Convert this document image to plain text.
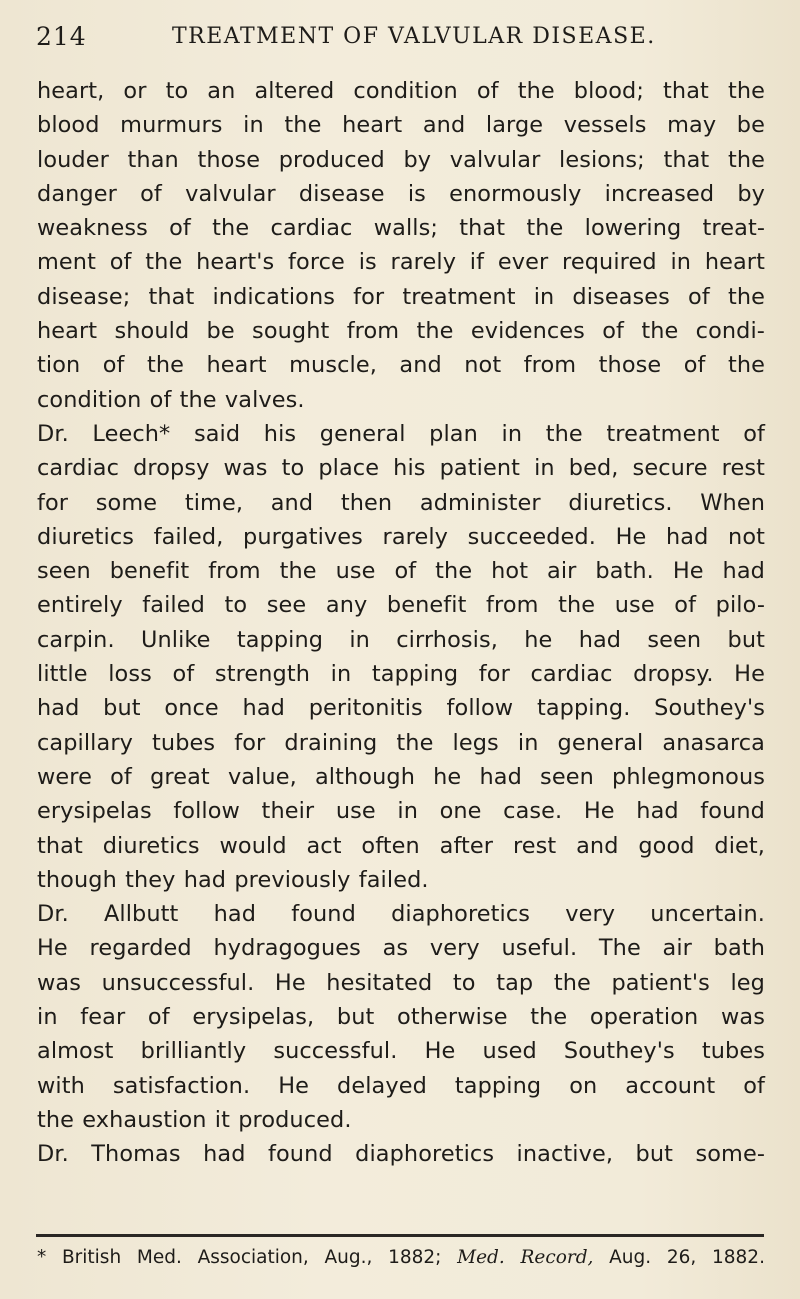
214	TREATMENT OF VALVULAR DISEASE.

heart, or to an altered condition of the blood; that the
blood murmurs in the heart and large vessels may be
louder than those produced by valvular lesions; that the
danger of valvular disease is enormously increased by
weakness of the cardiac walls; that the lowering treat-
ment of the heart's force is rarely if ever required in heart
disease; that indications for treatment in diseases of the
heart should be sought from the evidences of the condi-
tion of the heart muscle, and not from those of the
condition of the valves.

Dr. Leech* said his general plan in the treatment of
cardiac dropsy was to place his patient in bed, secure rest
for some time, and then administer diuretics. When
diuretics failed, purgatives rarely succeeded. He had not
seen benefit from the use of the hot air bath. He had
entirely failed to see any benefit from the use of pilo-
carpin. Unlike tapping in cirrhosis, he had seen but
little loss of strength in tapping for cardiac dropsy. He
had but once had peritonitis follow tapping. Southey's
capillary tubes for draining the legs in general anasarca
were of great value, although he had seen phlegmonous
erysipelas follow their use in one case. He had found
that diuretics would act often after rest and good diet,
though they had previously failed.

Dr. Allbutt had found diaphoretics very uncertain.
He regarded hydragogues as very useful. The air bath
was unsuccessful. He hesitated to tap the patient's leg
in fear of erysipelas, but otherwise the operation was
almost brilliantly successful. He used Southey's tubes
with satisfaction. He delayed tapping on account of
the exhaustion it produced.

Dr. Thomas had found diaphoretics inactive, but some-

* British Med. Association, Aug., 1882; Med. Record, Aug. 26, 1882.
